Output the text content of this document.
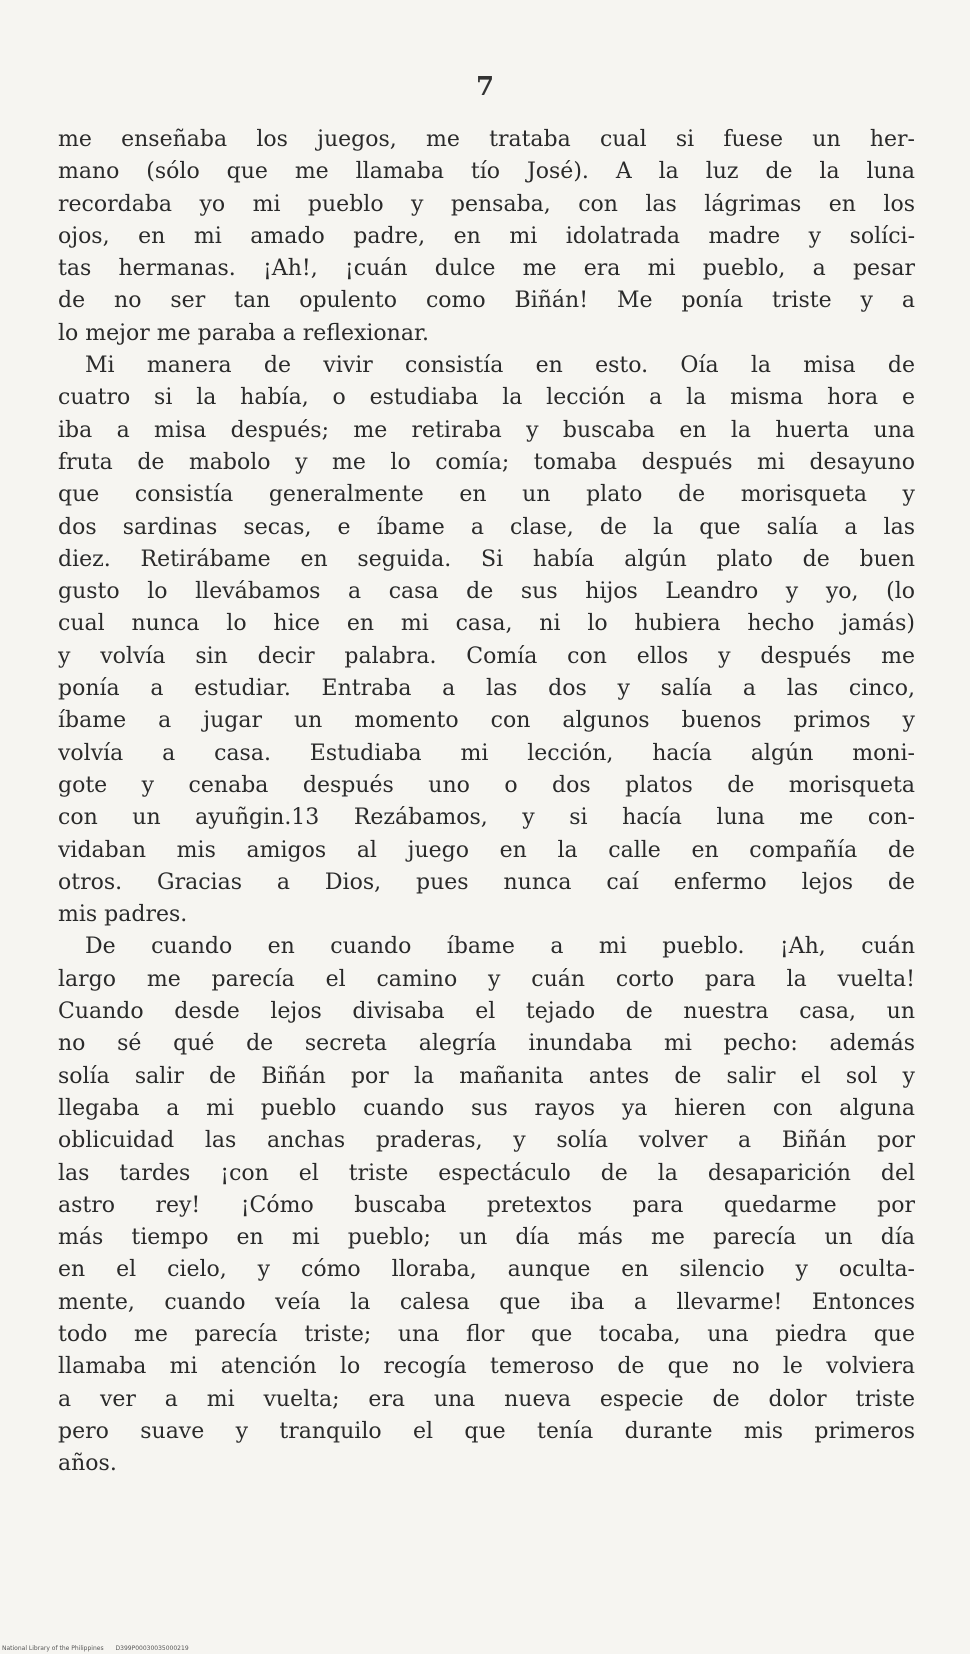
7
me enseñaba los juegos, me trataba cual si fuese un her-
mano (sólo que me llamaba tío José). A la luz de la luna
recordaba yo mi pueblo y pensaba, con las lágrimas en los
ojos, en mi amado padre, en mi idolatrada madre y solíci-
tas hermanas. ¡Ah!, ¡cuán dulce me era mi pueblo, a pesar
de no ser tan opulento como Biñán! Me ponía triste y a
lo mejor me paraba a reflexionar.
Mi manera de vivir consistía en esto. Oía la misa de
cuatro si la había, o estudiaba la lección a la misma hora e
iba a misa después; me retiraba y buscaba en la huerta una
fruta de mabolo y me lo comía; tomaba después mi desayuno
que consistía generalmente en un plato de morisqueta y
dos sardinas secas, e íbame a clase, de la que salía a las
diez. Retirábame en seguida. Si había algún plato de buen
gusto lo llevábamos a casa de sus hijos Leandro y yo, (lo
cual nunca lo hice en mi casa, ni lo hubiera hecho jamás)
y volvía sin decir palabra. Comía con ellos y después me
ponía a estudiar. Entraba a las dos y salía a las cinco,
íbame a jugar un momento con algunos buenos primos y
volvía a casa. Estudiaba mi lección, hacía algún moni-
gote y cenaba después uno o dos platos de morisqueta
con un ayuñgin.13 Rezábamos, y si hacía luna me con-
vidaban mis amigos al juego en la calle en compañía de
otros. Gracias a Dios, pues nunca caí enfermo lejos de
mis padres.
De cuando en cuando íbame a mi pueblo. ¡Ah, cuán
largo me parecía el camino y cuán corto para la vuelta!
Cuando desde lejos divisaba el tejado de nuestra casa, un
no sé qué de secreta alegría inundaba mi pecho: además
solía salir de Biñán por la mañanita antes de salir el sol y
llegaba a mi pueblo cuando sus rayos ya hieren con alguna
oblicuidad las anchas praderas, y solía volver a Biñán por
las tardes ¡con el triste espectáculo de la desaparición del
astro rey! ¡Cómo buscaba pretextos para quedarme por
más tiempo en mi pueblo; un día más me parecía un día
en el cielo, y cómo lloraba, aunque en silencio y oculta-
mente, cuando veía la calesa que iba a llevarme! Entonces
todo me parecía triste; una flor que tocaba, una piedra que
llamaba mi atención lo recogía temeroso de que no le volviera
a ver a mi vuelta; era una nueva especie de dolor triste
pero suave y tranquilo el que tenía durante mis primeros
años.
National Library of the Philippines D399P00030035000219
